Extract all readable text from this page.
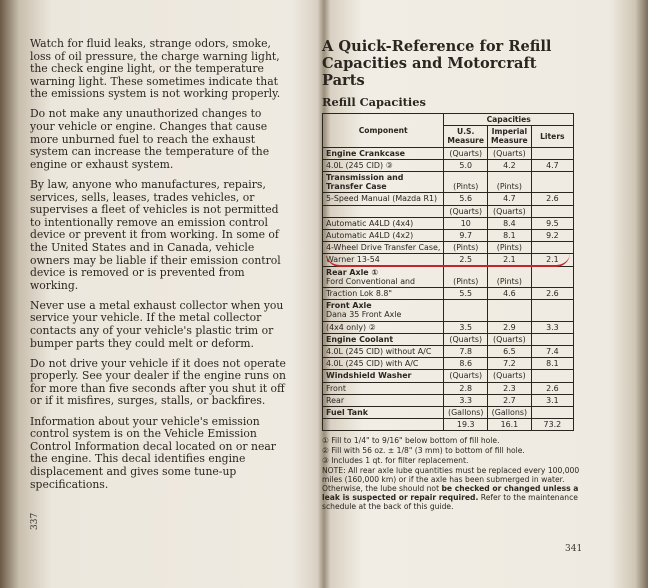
Watch for fluid leaks, strange odors, smoke, loss of oil pressure, the charge warning light, the check engine light, or the temperature warning light. These sometimes indicate that the emissions system is not working properly.

Do not make any unauthorized changes to your vehicle or engine. Changes that cause more unburned fuel to reach the exhaust system can increase the temperature of the engine or exhaust system.

By law, anyone who manufactures, repairs, services, sells, leases, trades vehicles, or supervises a fleet of vehicles is not permitted to intentionally remove an emission control device or prevent it from working. In some of the United States and in Canada, vehicle owners may be liable if their emission control device is removed or is prevented from working.

Never use a metal exhaust collector when you service your vehicle. If the metal collector contacts any of your vehicle's plastic trim or bumper parts they could melt or deform.

Do not drive your vehicle if it does not operate properly. See your dealer if the engine runs on for more than five seconds after you shut it off or if it misfires, surges, stalls, or backfires.

Information about your vehicle's emission control system is on the Vehicle Emission Control Information decal located on or near the engine. This decal identifies engine displacement and gives some tune-up specifications.

337
A Quick-Reference for Refill Capacities and Motorcraft Parts
Refill Capacities
Component	Capacities		
	U.S. Measure	Imperial Measure	Liters

Engine Crankcase	(Quarts)	(Quarts)	

4.0L (245 CID) ③	5.0	4.2	4.7

Transmission and Transfer Case	(Pints)	(Pints)	

5-Speed Manual (Mazda R1)	5.6	4.7	2.6

	(Quarts)	(Quarts)	

Automatic A4LD (4x4)	10	8.4	9.5

Automatic A4LD (4x2)	9.7	8.1	9.2

4-Wheel Drive Transfer Case,	(Pints)	(Pints)	

Warner 13-54	2.5	2.1	2.1

Rear Axle ①
Ford Conventional and	(Pints)	(Pints)	

Traction Lok 8.8"	5.5	4.6	2.6

Front Axle
Dana 35 Front Axle			

(4x4 only) ②	3.5	2.9	3.3

Engine Coolant	(Quarts)	(Quarts)	

4.0L (245 CID) without A/C	7.8	6.5	7.4

4.0L (245 CID) with A/C	8.6	7.2	8.1

Windshield Washer	(Quarts)	(Quarts)	

Front	2.8	2.3	2.6

Rear	3.3	2.7	3.1

Fuel Tank	(Gallons)	(Gallons)	

	19.3	16.1	73.2
① Fill to 1/4" to 9/16" below bottom of fill hole.
② Fill with 56 oz. ± 1/8" (3 mm) to bottom of fill hole.
③ Includes 1 qt. for filter replacement.
NOTE: All rear axle lube quantities must be replaced every 100,000 miles (160,000 km) or if the axle has been submerged in water. Otherwise, the lube should not be checked or changed unless a leak is suspected or repair required. Refer to the maintenance schedule at the back of this guide.
341
